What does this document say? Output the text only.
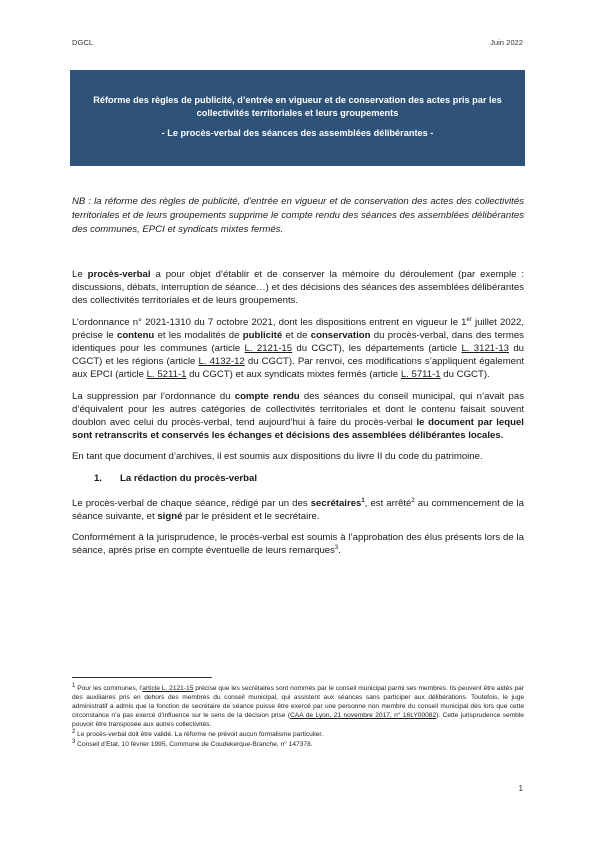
DGCL	Juin 2022
Réforme des règles de publicité, d’entrée en vigueur et de conservation des actes pris par les collectivités territoriales et leurs groupements
- Le procès-verbal des séances des assemblées délibérantes -
NB : la réforme des règles de publicité, d’entrée en vigueur et de conservation des actes des collectivités territoriales et de leurs groupements supprime le compte rendu des séances des assemblées délibérantes des communes, EPCI et syndicats mixtes fermés.

Le procès-verbal a pour objet d’établir et de conserver la mémoire du déroulement (par exemple : discussions, débats, interruption de séance…) et des décisions des séances des assemblées délibérantes des collectivités territoriales et de leurs groupements.

L’ordonnance n° 2021-1310 du 7 octobre 2021, dont les dispositions entrent en vigueur le 1er juillet 2022, précise le contenu et les modalités de publicité et de conservation du procès-verbal, dans des termes identiques pour les communes (article L. 2121-15 du CGCT), les départements (article L. 3121-13 du CGCT) et les régions (article L. 4132-12 du CGCT). Par renvoi, ces modifications s’appliquent également aux EPCI (article L. 5211-1 du CGCT) et aux syndicats mixtes fermés (article L. 5711-1 du CGCT).

La suppression par l’ordonnance du compte rendu des séances du conseil municipal, qui n’avait pas d’équivalent pour les autres catégories de collectivités territoriales et dont le contenu faisait souvent doublon avec celui du procès-verbal, tend aujourd’hui à faire du procès-verbal le document par lequel sont retranscrits et conservés les échanges et décisions des assemblées délibérantes locales.

En tant que document d’archives, il est soumis aux dispositions du livre II du code du patrimoine.

1. La rédaction du procès-verbal

Le procès-verbal de chaque séance, rédigé par un des secrétaires$^1$, est arrêté$^2$ au commencement de la séance suivante, et signé par le président et le secrétaire.

Conformément à la jurisprudence, le procès-verbal est soumis à l’approbation des élus présents lors de la séance, après prise en compte éventuelle de leurs remarques$^3$.

$^1$ Pour les communes, l’article L. 2121-15 précise que les secrétaires sont nommés par le conseil municipal parmi ses membres. Ils peuvent être aidés par des auxiliaires pris en dehors des membres du conseil municipal, qui assistent aux séances sans participer aux délibérations. Toutefois, le juge administratif a admis que la fonction de secrétaire de séance puisse être exercé par une personne non membre du conseil municipal dès lors que cette circonstance n’a pas exercé d’influence sur le sens de la décision prise (CAA de Lyon, 21 novembre 2017, n° 16LY00082). Cette jurisprudence semble pouvoir être transposée aux autres collectivités.
$^2$ Le procès-verbal doit être validé. La réforme ne prévoit aucun formalisme particulier.
$^3$ Conseil d’Etat, 10 février 1995, Commune de Coudekerque-Branche, n° 147378.
1
